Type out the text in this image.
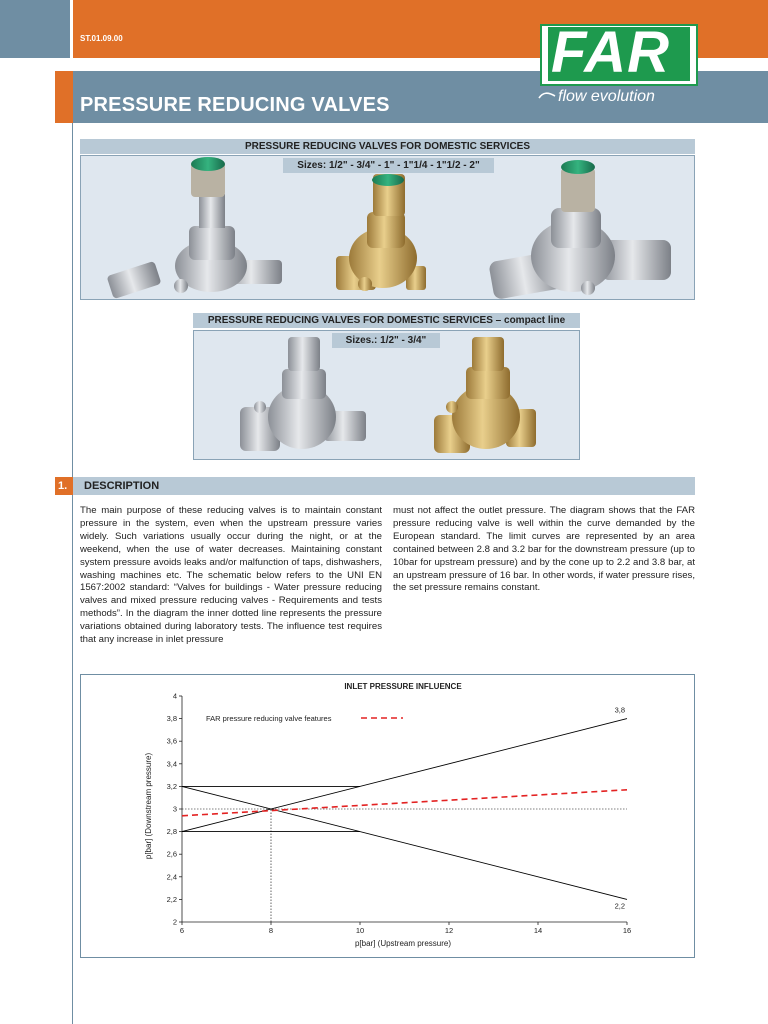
ST.01.09.00
PRESSURE REDUCING VALVES
FAR
flow evolution
PRESSURE REDUCING VALVES FOR DOMESTIC SERVICES
Sizes: 1/2" - 3/4" - 1" - 1"1/4 - 1"1/2 - 2"
PRESSURE REDUCING VALVES FOR DOMESTIC SERVICES – compact line
Sizes.: 1/2" - 3/4"
1. DESCRIPTION
The main purpose of these reducing valves is to maintain constant pressure in the system, even when the upstream pressure varies widely. Such variations usually occur during the night, or at the weekend, when the use of water decreases. Maintaining constant system pressure avoids leaks and/or malfunction of taps, dishwashers, washing machines etc. The schematic below refers to the UNI EN 1567:2002 standard: “Valves for buildings - Water pressure reducing valves and mixed pressure reducing valves - Requirements and tests methods”. In the diagram the inner dotted line represents the pressure variations obtained during laboratory tests. The influence test requires that any increase in inlet pressure
must not affect the outlet pressure. The diagram shows that the FAR pressure reducing valve is well within the curve demanded by the European standard. The limit curves are represented by an area contained between 2.8 and 3.2 bar for the downstream pressure (up to 10bar for upstream pressure) and by the cone up to 2.2 and 3.8 bar, at an upstream pressure of 16 bar. In other words, if water pressure rises, the set pressure remains constant.
INLET PRESSURE INFLUENCE
2
2,2
2,4
2,6
2,8
3
3,2
3,4
3,6
3,8
4
6	8	10	12	14	16
3,8
2,2
p[bar] (Upstream pressure)
p[bar] (Downstream pressure)
FAR pressure reducing valve features
